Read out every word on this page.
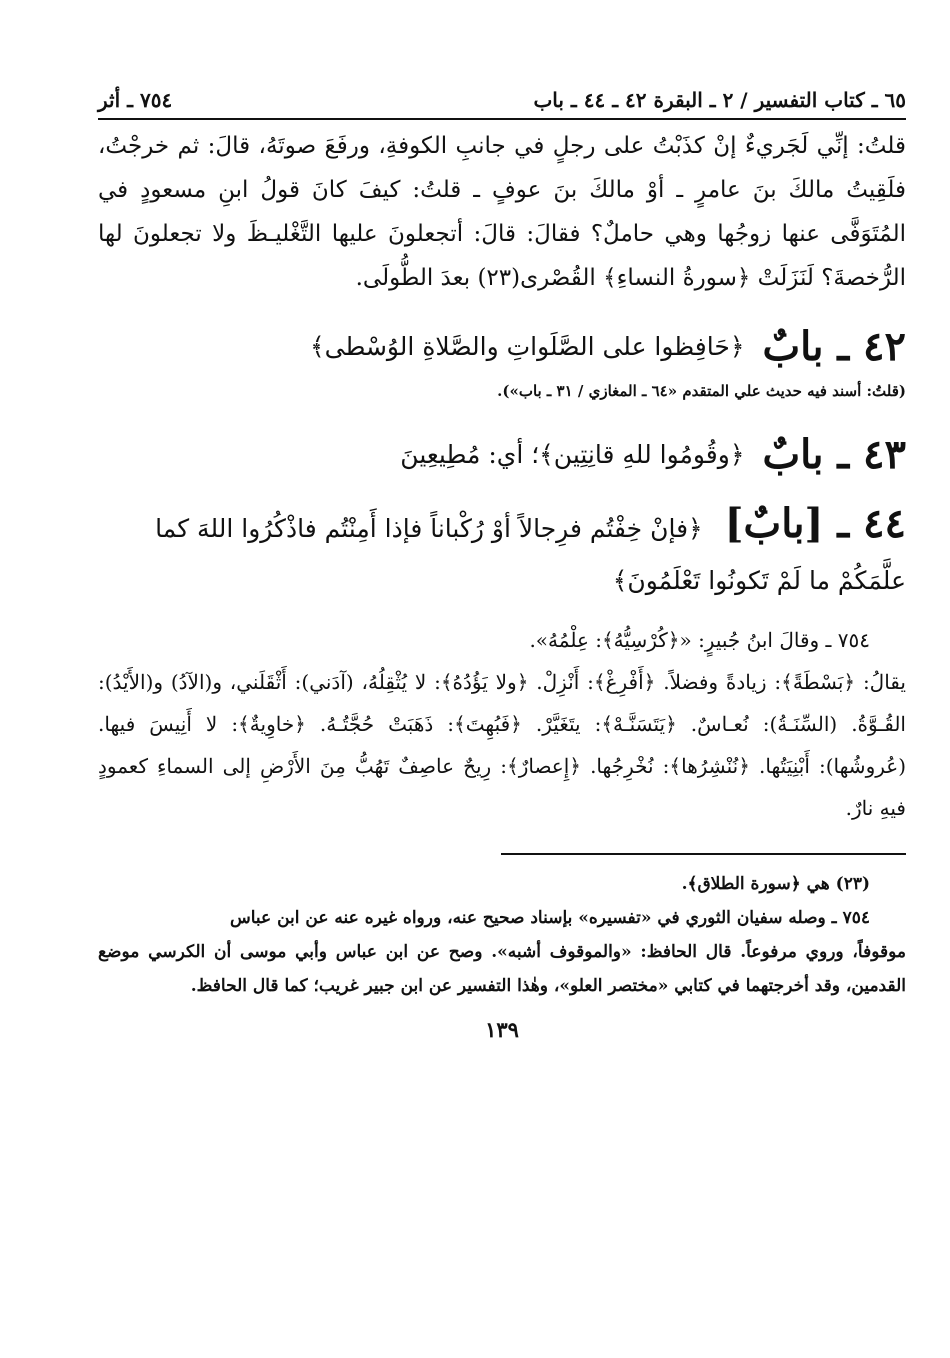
٦٥ ـ كتاب التفسير / ٢ ـ البقرة ٤٢ ـ ٤٤ ـ باب
٧٥٤ ـ أثر

قلتُ: إنِّي لَجَريءٌ إنْ كذَبْتُ على رجلٍ في جانبِ الكوفةِ، ورفَعَ صوتَهُ، قالَ: ثم خرجْتُ، فلَقِيتُ مالكَ بنَ عامرٍ ـ أوْ مالكَ بنَ عوفٍ ـ قلتُ: كيفَ كانَ قولُ ابنِ مسعودٍ في المُتَوَفَّى عنها زوجُها وهي حاملٌ؟ فقالَ: قالَ: أتجعلونَ عليها التَّغْليـظَ ولا تجعلونَ لها الرُّخصةَ؟ لَنَزَلَتْ ﴿سورةُ النساءِ﴾ القُصْرى(٢٣) بعدَ الطُّولَى.

٤٢ ـ بابٌ
﴿حَافِظوا على الصَّلَواتِ والصَّلاةِ الوُسْطى﴾
(قلتُ: أسند فيه حديث علي المتقدم «٦٤ ـ المغازي / ٣١ ـ باب»).
٤٣ ـ بابٌ
﴿وقُومُوا للهِ قانِتِين﴾؛ أي: مُطِيعِينَ
٤٤ ـ [بابٌ] ﴿فإنْ خِفْتُم فرِجالاً أوْ رُكْباناً فإذا أَمِنْتُم فاذْكُرُوا اللهَ كما علَّمَكُمْ ما لَمْ تَكونُوا تَعْلَمُونَ﴾
٧٥٤ ـ وقالَ ابنُ جُبيرٍ: «﴿كُرْسِيُّهُ﴾: عِلْمُهُ».
يقالُ: ﴿بَسْطَةً﴾: زيادةً وفضلاً. ﴿أَفْرِغْ﴾: أَنْزِلْ. ﴿ولا يَؤُدُهُ﴾: لا يُثْقِلُهُ، (آدَني): أَثْقَلَني، و(الآدُ) و(الأَيْدُ): القُـوَّةُ. (السِّنَـةُ): نُعـاسٌ. ﴿يَتَسَنَّـهْ﴾: يتَغَيَّرْ. ﴿فَبُهِتَ﴾: ذَهَبَتْ حُجَّتُـهُ. ﴿خاوِيةٌ﴾: لا أَنِيسَ فيها. (عُروشُها): أَبْنِيَتُها. ﴿نُنْشِرُها﴾: نُخْرِجُها. ﴿إِعصارٌ﴾: رِيحٌ عاصِفٌ تَهُبُّ مِنَ الأَرْضِ إلى السماءِ كعمودٍ فيهِ نارٌ.
(٢٣) هي ﴿سورة الطلاق﴾.
٧٥٤ ـ وصله سفيان الثوري في «تفسيره» بإسناد صحيح عنه، ورواه غيره عنه عن ابن عباس
موقوفاً، وروي مرفوعاً. قال الحافظ: «والموقوف أشبه». وصح عن ابن عباس وأبي موسى أن الكرسي موضع القدمين، وقد أخرجتهما في كتابي «مختصر العلو»، وهٰذا التفسير عن ابن جبير غريب؛ كما قال الحافظ.
١٣٩
